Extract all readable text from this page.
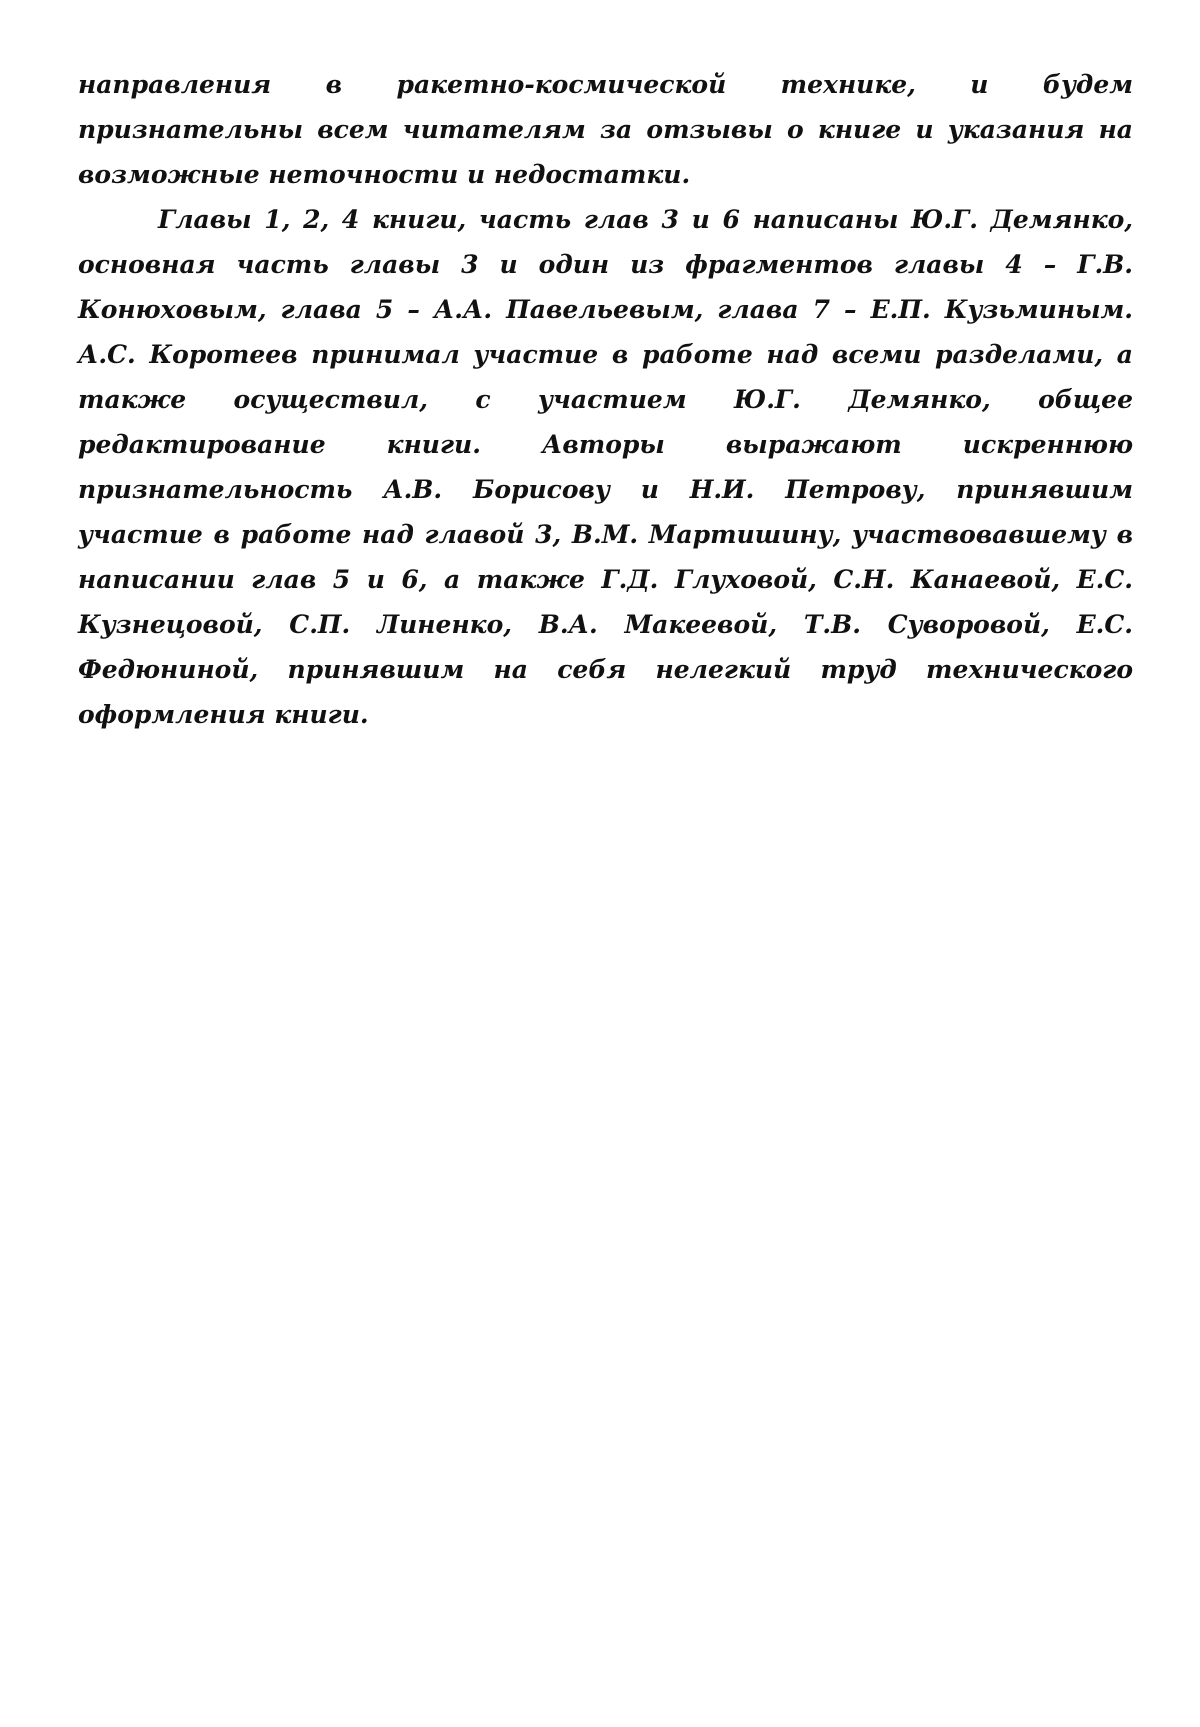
направления в ракетно-космической технике, и будем признательны всем читателям за отзывы о книге и указания на возможные неточности и недостатки.

Главы 1, 2, 4 книги, часть глав 3 и 6 написаны Ю.Г. Демянко, основная часть главы 3 и один из фрагментов главы 4 – Г.В. Конюховым, глава 5 – А.А. Павельевым, глава 7 – Е.П. Кузьминым. А.С. Коротеев принимал участие в работе над всеми разделами, а также осуществил, с участием Ю.Г. Демянко, общее редактирование книги. Авторы выражают искреннюю признательность А.В. Борисову и Н.И. Петрову, принявшим участие в работе над главой 3, В.М. Мартишину, участвовавшему в написании глав 5 и 6, а также Г.Д. Глуховой, С.Н. Канаевой, Е.С. Кузнецовой, С.П. Линенко, В.А. Макеевой, Т.В. Суворовой, Е.С. Федюниной, принявшим на себя нелегкий труд технического оформления книги.
